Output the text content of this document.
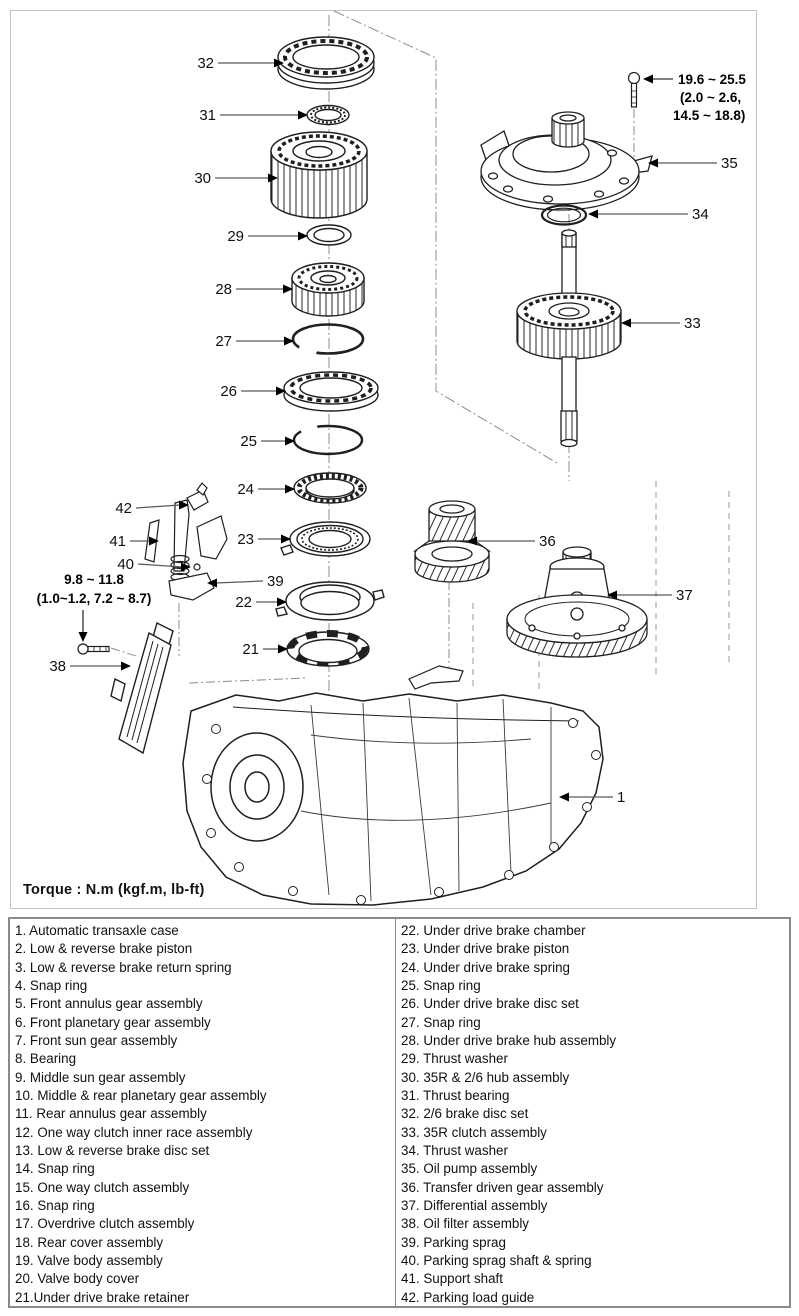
32
31
30
29
28
27
26
25
24
23
22
21
42
41
40
39
38
36
37
35
34
33
1
19.6 ~ 25.5
(2.0 ~ 2.6,
14.5 ~ 18.8)
9.8 ~ 11.8
(1.0~1.2, 7.2 ~ 8.7)
Torque : N.m (kgf.m, lb-ft)
1. Automatic transaxle case
2. Low & reverse brake piston
3. Low & reverse brake return spring
4. Snap ring
5. Front annulus gear assembly
6. Front planetary gear assembly
7. Front sun gear assembly
8. Bearing
9. Middle sun gear assembly
10. Middle & rear planetary gear assembly
11. Rear annulus gear assembly
12. One way clutch inner race assembly
13. Low & reverse brake disc set
14. Snap ring
15. One way clutch assembly
16. Snap ring
17. Overdrive clutch assembly
18. Rear cover assembly
19. Valve body assembly
20. Valve body cover
21.Under drive brake retainer
22. Under drive brake chamber
23. Under drive brake piston
24. Under drive brake spring
25. Snap ring
26. Under drive brake disc set
27. Snap ring
28. Under drive brake hub assembly
29. Thrust washer
30. 35R & 2/6 hub assembly
31. Thrust bearing
32. 2/6 brake disc set
33. 35R clutch assembly
34. Thrust washer
35. Oil pump assembly
36. Transfer driven gear assembly
37. Differential assembly
38. Oil filter assembly
39. Parking sprag
40. Parking sprag shaft & spring
41. Support shaft
42. Parking load guide
